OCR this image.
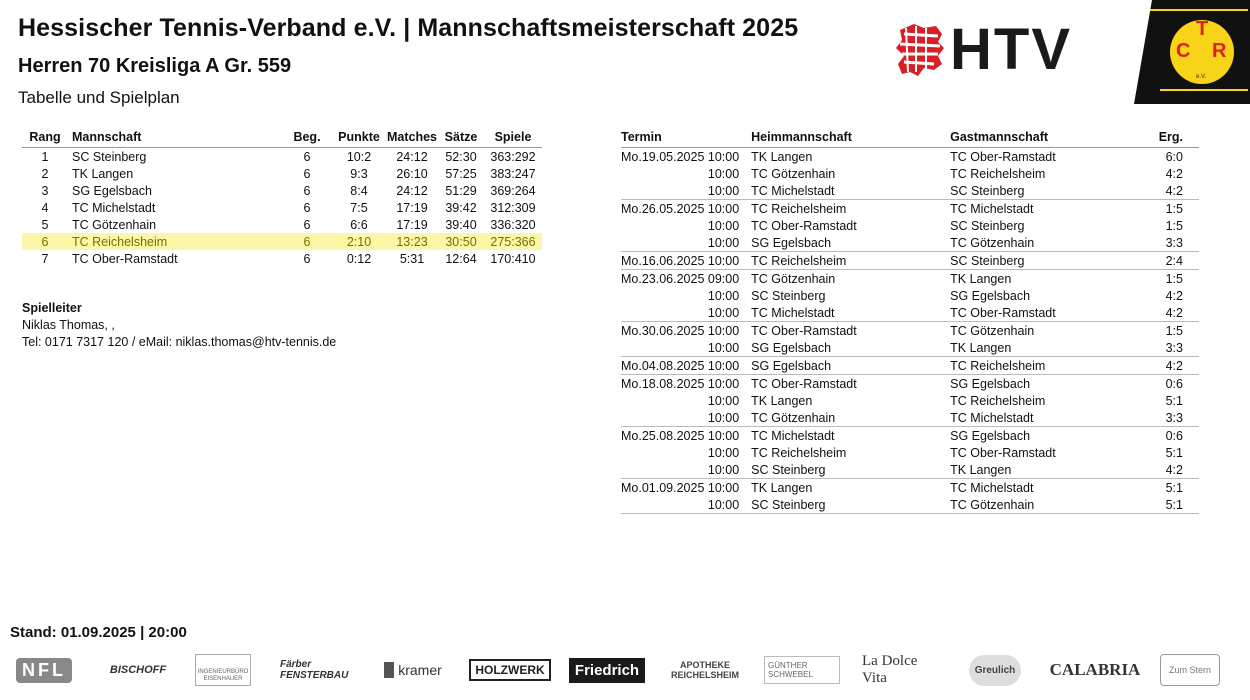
Hessischer Tennis-Verband e.V. | Mannschaftsmeisterschaft 2025
Herren 70 Kreisliga A Gr. 559
Tabelle und Spielplan
HTV	T
C R
e.V.
Rang	Mannschaft	Beg.	Punkte	Matches	Sätze	Spiele
1	SC Steinberg	6	10:2	24:12	52:30	363:292
2	TK Langen	6	9:3	26:10	57:25	383:247
3	SG Egelsbach	6	8:4	24:12	51:29	369:264
4	TC Michelstadt	6	7:5	17:19	39:42	312:309
5	TC Götzenhain	6	6:6	17:19	39:40	336:320
6	TC Reichelsheim	6	2:10	13:23	30:50	275:366
7	TC Ober-Ramstadt	6	0:12	5:31	12:64	170:410
Spielleiter
Niklas Thomas, ,
Tel: 0171 7317 120 / eMail: niklas.thomas@htv-tennis.de
Termin	Heimmannschaft	Gastmannschaft	Erg.
Mo.19.05.2025 10:00	TK Langen	TC Ober-Ramstadt	6:0
10:00	TC Götzenhain	TC Reichelsheim	4:2
10:00	TC Michelstadt	SC Steinberg	4:2
Mo.26.05.2025 10:00	TC Reichelsheim	TC Michelstadt	1:5
10:00	TC Ober-Ramstadt	SC Steinberg	1:5
10:00	SG Egelsbach	TC Götzenhain	3:3
Mo.16.06.2025 10:00	TC Reichelsheim	SC Steinberg	2:4
Mo.23.06.2025 09:00	TC Götzenhain	TK Langen	1:5
10:00	SC Steinberg	SG Egelsbach	4:2
10:00	TC Michelstadt	TC Ober-Ramstadt	4:2
Mo.30.06.2025 10:00	TC Ober-Ramstadt	TC Götzenhain	1:5
10:00	SG Egelsbach	TK Langen	3:3
Mo.04.08.2025 10:00	SG Egelsbach	TC Reichelsheim	4:2
Mo.18.08.2025 10:00	TC Ober-Ramstadt	SG Egelsbach	0:6
10:00	TK Langen	TC Reichelsheim	5:1
10:00	TC Götzenhain	TC Michelstadt	3:3
Mo.25.08.2025 10:00	TC Michelstadt	SG Egelsbach	0:6
10:00	TC Reichelsheim	TC Ober-Ramstadt	5:1
10:00	SC Steinberg	TK Langen	4:2
Mo.01.09.2025 10:00	TK Langen	TC Michelstadt	5:1
10:00	SC Steinberg	TC Götzenhain	5:1
Stand: 01.09.2025 | 20:00
NFL	BISCHOFF	INGENIEURBÜRO EISENHAUER
Färber FENSTERBAU	kramer	HOLZWERK	Friedrich	APOTHEKE REICHELSHEIM
GÜNTHER SCHWEBEL
La Dolce Vita	Greulich	CALABRIA	Zum Stern
